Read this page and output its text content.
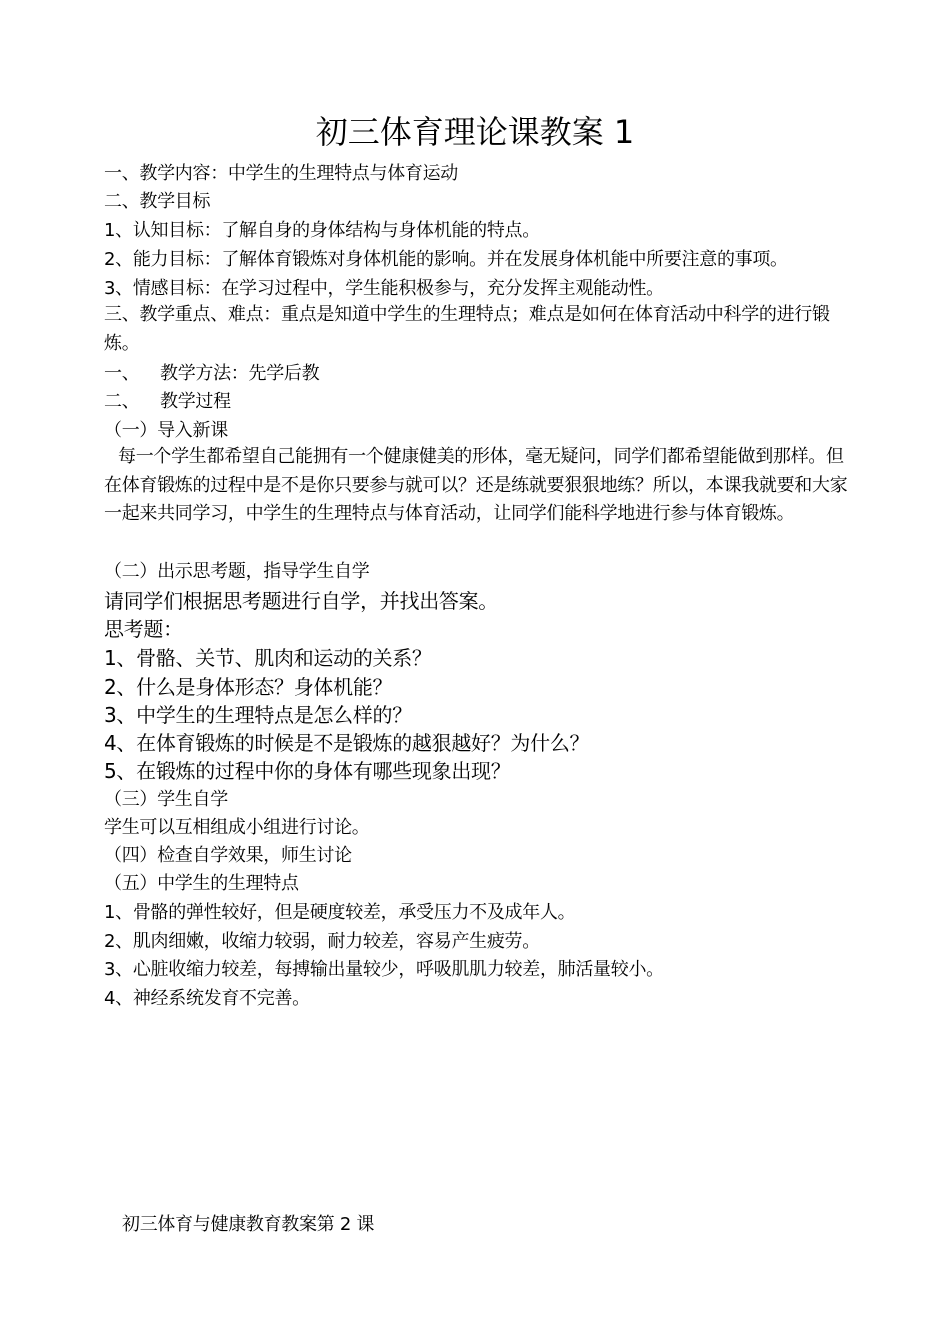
初三体育理论课教案 1
一、教学内容：中学生的生理特点与体育运动
二、教学目标
1、认知目标：了解自身的身体结构与身体机能的特点。
2、能力目标：了解体育锻炼对身体机能的影响。并在发展身体机能中所要注意的事项。
3、情感目标：在学习过程中，学生能积极参与，充分发挥主观能动性。
三、教学重点、难点：重点是知道中学生的生理特点；难点是如何在体育活动中科学的进行锻炼。
一、 教学方法：先学后教
二、 教学过程
（一）导入新课
每一个学生都希望自己能拥有一个健康健美的形体，毫无疑问，同学们都希望能做到那样。但在体育锻炼的过程中是不是你只要参与就可以？还是练就要狠狠地练？所以，本课我就要和大家一起来共同学习，中学生的生理特点与体育活动，让同学们能科学地进行参与体育锻炼。
（二）出示思考题，指导学生自学
请同学们根据思考题进行自学，并找出答案。
思考题：
1、骨骼、关节、肌肉和运动的关系？
2、什么是身体形态？身体机能？
3、中学生的生理特点是怎么样的？
4、在体育锻炼的时候是不是锻炼的越狠越好？为什么？
5、在锻炼的过程中你的身体有哪些现象出现？
（三）学生自学
学生可以互相组成小组进行讨论。
（四）检查自学效果，师生讨论
（五）中学生的生理特点
1、骨骼的弹性较好，但是硬度较差，承受压力不及成年人。
2、肌肉细嫩，收缩力较弱，耐力较差，容易产生疲劳。
3、心脏收缩力较差，每搏输出量较少，呼吸肌肌力较差，肺活量较小。
4、神经系统发育不完善。
初三体育与健康教育教案第 2 课
